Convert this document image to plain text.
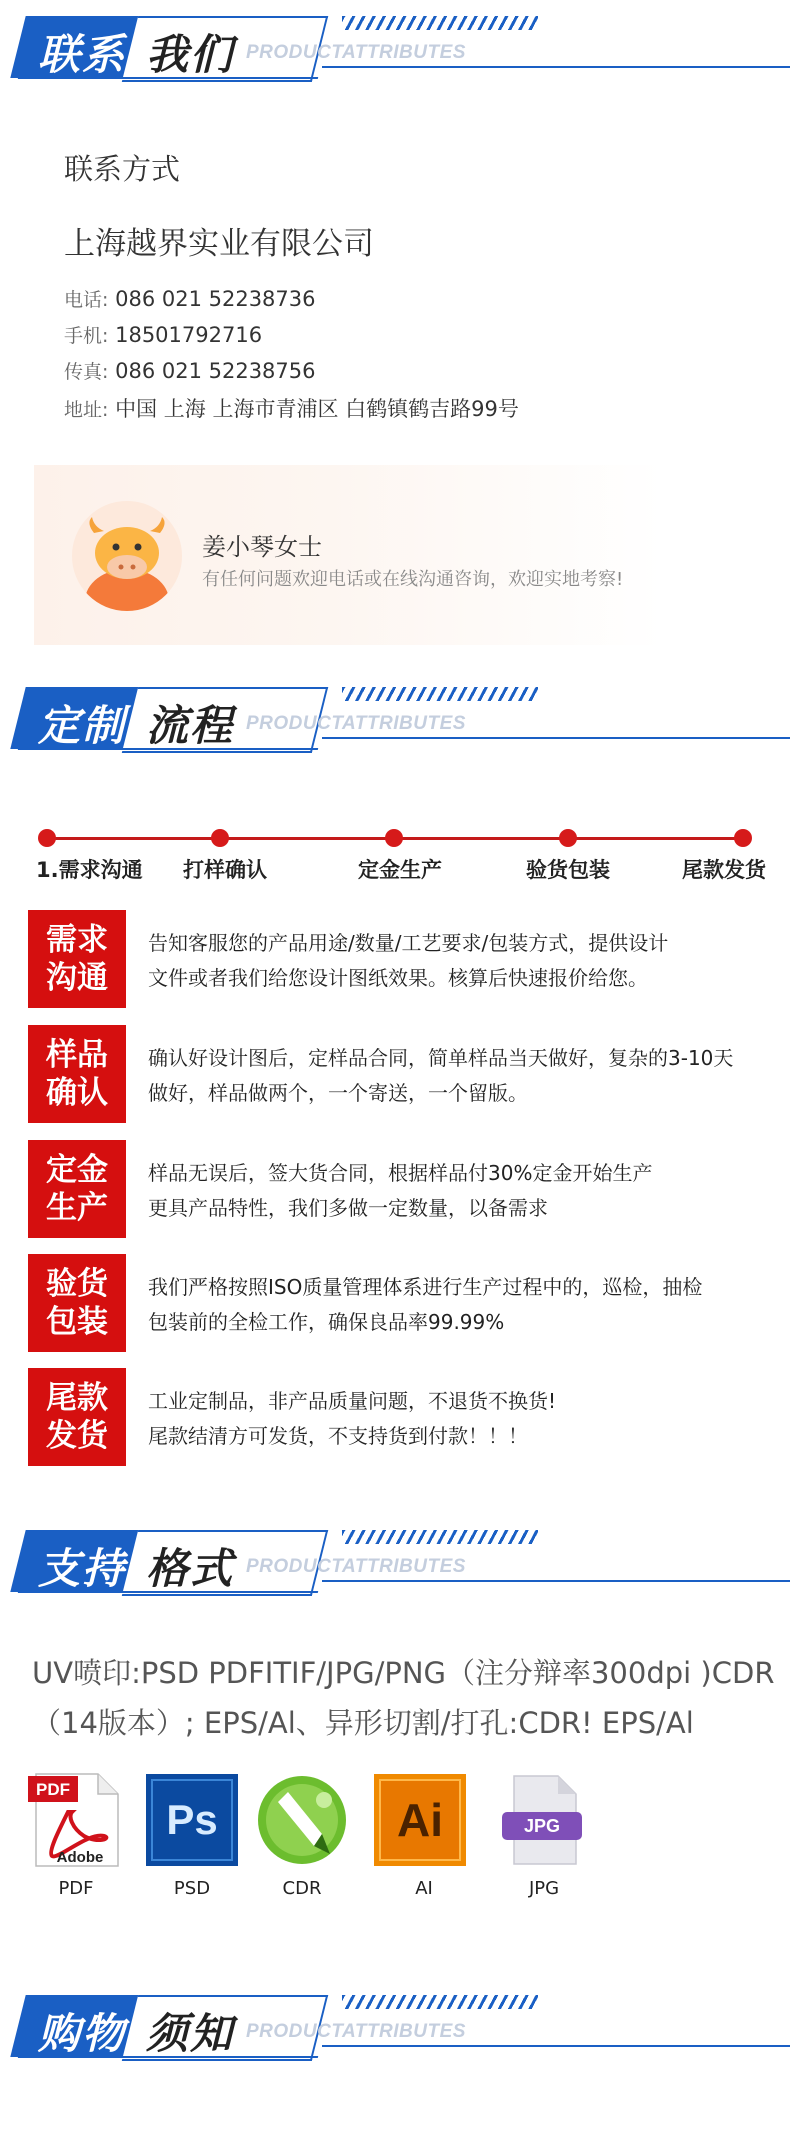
联系 我们 PRODUCTATTRIBUTES
联系方式
上海越界实业有限公司
电话: 086 021 52238736
手机: 18501792716
传真: 086 021 52238756
地址: 中国 上海 上海市青浦区 白鹤镇鹤吉路99号
姜小琴女士
有任何问题欢迎电话或在线沟通咨询，欢迎实地考察!
定制 流程 PRODUCTATTRIBUTES
1.需求沟通 打样确认	定金生产	验货包装	尾款发货
需求
沟通
告知客服您的产品用途/数量/工艺要求/包装方式，提供设计
文件或者我们给您设计图纸效果。核算后快速报价给您。
样品
确认
确认好设计图后，定样品合同，简单样品当天做好，复杂的3-10天
做好，样品做两个，一个寄送，一个留版。
定金
生产
样品无误后，签大货合同，根据样品付30%定金开始生产
更具产品特性，我们多做一定数量，以备需求
验货
包装
我们严格按照ISO质量管理体系进行生产过程中的，巡检，抽检
包装前的全检工作，确保良品率99.99%
尾款
发货
工业定制品，非产品质量问题，不退货不换货!
尾款结清方可发货，不支持货到付款！！！
支持 格式 PRODUCTATTRIBUTES
UV喷印:PSD PDFITIF/JPG/PNG（注分辩率300dpi )CDR
（14版本）; EPS/Al、异形切割/打孔:CDR! EPS/Al
PDF
Adobe
Ps	Ai	JPG
PDF	PSD	CDR	AI	JPG
购物 须知 PRODUCTATTRIBUTES
